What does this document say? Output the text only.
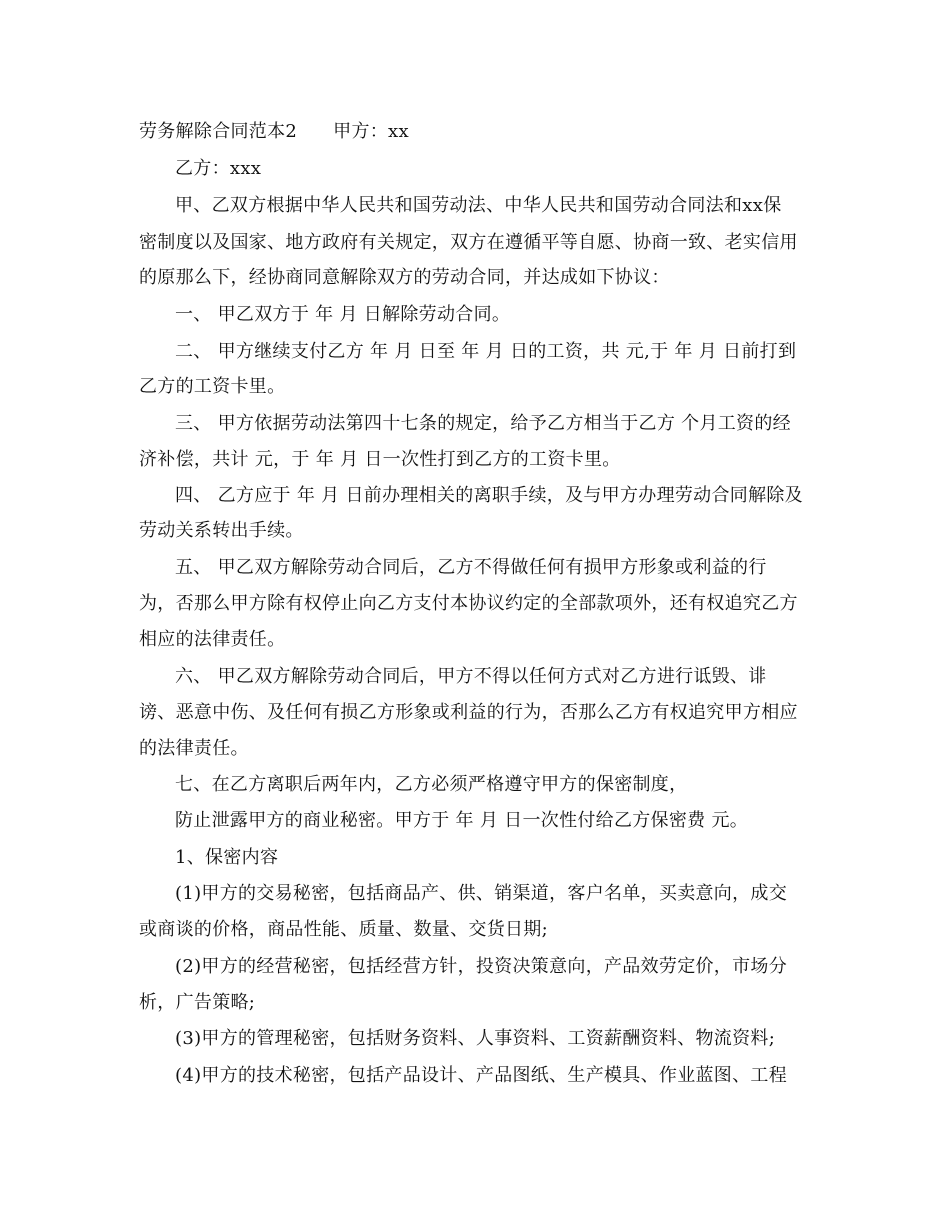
劳务解除合同范本2 甲方：xx
乙方：xxx
甲、乙双方根据中华人民共和国劳动法、中华人民共和国劳动合同法和xx保
密制度以及国家、地方政府有关规定，双方在遵循平等自愿、协商一致、老实信用
的原那么下，经协商同意解除双方的劳动合同，并达成如下协议：
一、 甲乙双方于 年 月 日解除劳动合同。
二、 甲方继续支付乙方 年 月 日至 年 月 日的工资，共 元,于 年 月 日前打到
乙方的工资卡里。
三、 甲方依据劳动法第四十七条的规定，给予乙方相当于乙方 个月工资的经
济补偿，共计 元，于 年 月 日一次性打到乙方的工资卡里。
四、 乙方应于 年 月 日前办理相关的离职手续，及与甲方办理劳动合同解除及
劳动关系转出手续。
五、 甲乙双方解除劳动合同后，乙方不得做任何有损甲方形象或利益的行
为，否那么甲方除有权停止向乙方支付本协议约定的全部款项外，还有权追究乙方
相应的法律责任。
六、 甲乙双方解除劳动合同后，甲方不得以任何方式对乙方进行诋毁、诽
谤、恶意中伤、及任何有损乙方形象或利益的行为，否那么乙方有权追究甲方相应
的法律责任。
七、在乙方离职后两年内，乙方必须严格遵守甲方的保密制度，
防止泄露甲方的商业秘密。甲方于 年 月 日一次性付给乙方保密费 元。
1、保密内容
(1)甲方的交易秘密，包括商品产、供、销渠道，客户名单，买卖意向，成交
或商谈的价格，商品性能、质量、数量、交货日期;
(2)甲方的经营秘密，包括经营方针，投资决策意向，产品效劳定价，市场分
析，广告策略;
(3)甲方的管理秘密，包括财务资料、人事资料、工资薪酬资料、物流资料;
(4)甲方的技术秘密，包括产品设计、产品图纸、生产模具、作业蓝图、工程
